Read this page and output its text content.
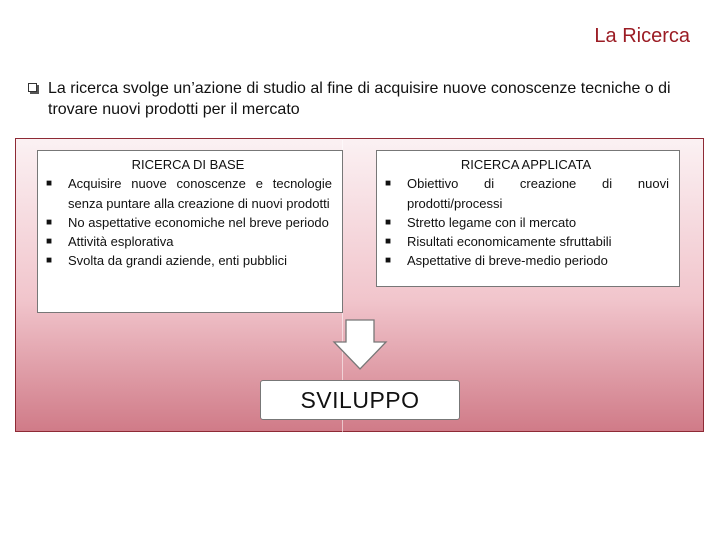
La Ricerca
La ricerca svolge un’azione di studio al fine di acquisire nuove conoscenze tecniche o di trovare nuovi prodotti per il mercato
RICERCA DI BASE
■ Acquisire nuove conoscenze e tecnologie senza puntare alla creazione di nuovi prodotti
■ No aspettative economiche nel breve periodo
■ Attività esplorativa
■ Svolta da grandi aziende, enti pubblici
RICERCA APPLICATA
■ Obiettivo di creazione di nuovi prodotti/processi
■ Stretto legame con il mercato
■ Risultati economicamente sfruttabili
■ Aspettative di breve-medio periodo
SVILUPPO
